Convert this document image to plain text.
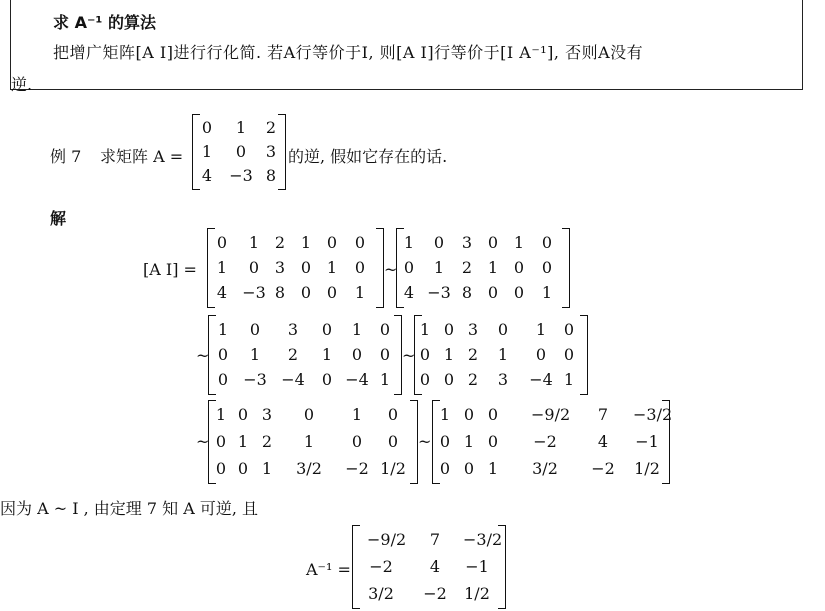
求 A⁻¹ 的算法
把增广矩阵[A I]进行行化简. 若A行等价于I, 则[A I]行等价于[I A⁻¹], 否则A没有
逆.
例 7 求矩阵 A =
0	1	2
1	0	3
4	−3 8
的逆, 假如它存在的话.
解
[A I] =
0	1 2 1 0	0
1	0 3 0 1	0
4 −3 8 0 0	1
~
1	0	3 0 1	0
0	1	2 1 0	0
4 −3 8 0 0	1
~
1	0	3	0	1	0
0	1	2	1	0	0
0 −3 −4	0 −4 1
~
1 0 3	0	1	0
0 1 2	1	0	0
0 0 2	3	−4 1
~
1 0 3	0	1	0
0 1 2	1	0	0
0 0 1	3/2 −2 1/2
~
1 0 0	−9/2	7	−3/2
0 1 0	−2	4	−1
0 0 1	3/2 −2 1/2
因为 A ~ I , 由定理 7 知 A 可逆, 且
A⁻¹ =
−9/2	7	−3/2
−2	4	−1
3/2 −2 1/2
